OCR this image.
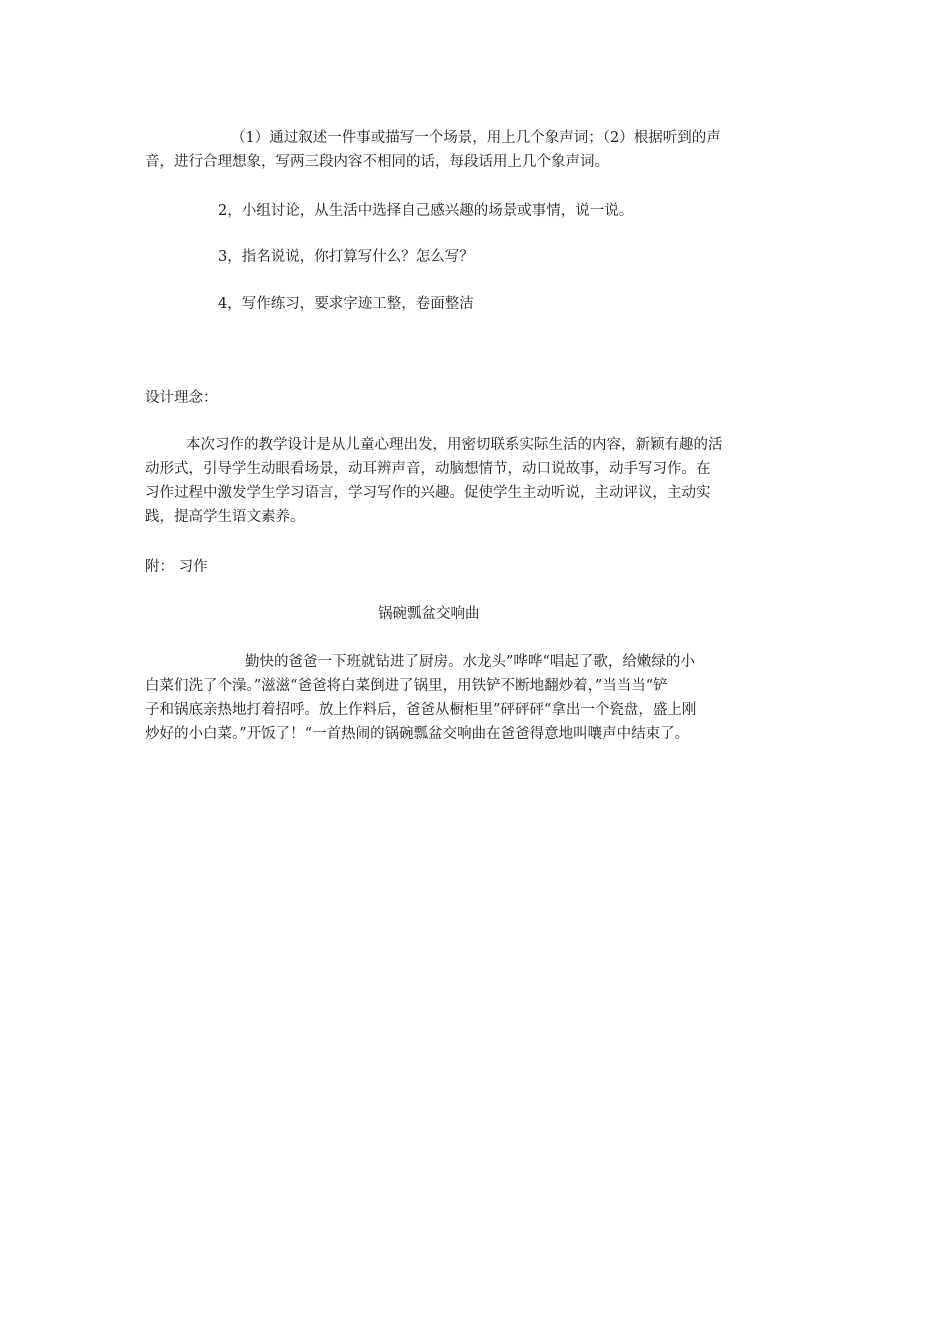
（1）通过叙述一件事或描写一个场景，用上几个象声词；（2）根据听到的声
音，进行合理想象，写两三段内容不相同的话，每段话用上几个象声词。

2，小组讨论，从生活中选择自己感兴趣的场景或事情，说一说。

3，指名说说，你打算写什么？怎么写？

4，写作练习，要求字迹工整，卷面整洁

设计理念：

本次习作的教学设计是从儿童心理出发，用密切联系实际生活的内容，新颖有趣的活
动形式，引导学生动眼看场景，动耳辨声音，动脑想情节，动口说故事，动手写习作。在
习作过程中激发学生学习语言，学习写作的兴趣。促使学生主动听说，主动评议，主动实
践，提高学生语文素养。

附： 习作

锅碗瓢盆交响曲

勤快的爸爸一下班就钻进了厨房。水龙头”哗哗“唱起了歌，给嫩绿的小
白菜们洗了个澡。”滋滋“爸爸将白菜倒进了锅里，用铁铲不断地翻炒着，”当当当“铲
子和锅底亲热地打着招呼。放上作料后，爸爸从橱柜里”砰砰砰“拿出一个瓷盘，盛上刚
炒好的小白菜。”开饭了！“一首热闹的锅碗瓢盆交响曲在爸爸得意地叫嚷声中结束了。
